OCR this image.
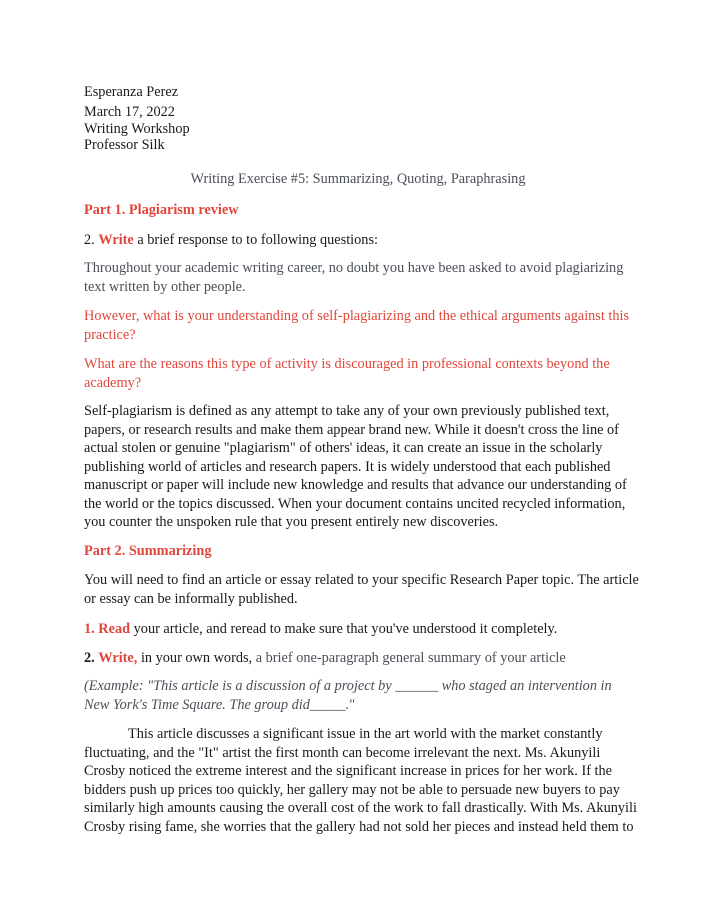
Esperanza Perez
March 17, 2022
Writing Workshop
Professor Silk
Writing Exercise #5: Summarizing, Quoting, Paraphrasing
Part 1. Plagiarism review
2. Write a brief response to to following questions:
Throughout your academic writing career, no doubt you have been asked to avoid plagiarizing
text written by other people.
However, what is your understanding of self-plagiarizing and the ethical arguments against this
practice?
What are the reasons this type of activity is discouraged in professional contexts beyond the
academy?
Self-plagiarism is defined as any attempt to take any of your own previously published text,
papers, or research results and make them appear brand new. While it doesn't cross the line of
actual stolen or genuine "plagiarism" of others' ideas, it can create an issue in the scholarly
publishing world of articles and research papers. It is widely understood that each published
manuscript or paper will include new knowledge and results that advance our understanding of
the world or the topics discussed. When your document contains uncited recycled information,
you counter the unspoken rule that you present entirely new discoveries.
Part 2. Summarizing
You will need to find an article or essay related to your specific Research Paper topic. The article
or essay can be informally published.
1. Read your article, and reread to make sure that you've understood it completely.
2. Write, in your own words, a brief one-paragraph general summary of your article
(Example: "This article is a discussion of a project by ______ who staged an intervention in
New York's Time Square. The group did_____."
This article discusses a significant issue in the art world with the market constantly
fluctuating, and the "It" artist the first month can become irrelevant the next. Ms. Akunyili
Crosby noticed the extreme interest and the significant increase in prices for her work. If the
bidders push up prices too quickly, her gallery may not be able to persuade new buyers to pay
similarly high amounts causing the overall cost of the work to fall drastically. With Ms. Akunyili
Crosby rising fame, she worries that the gallery had not sold her pieces and instead held them to
